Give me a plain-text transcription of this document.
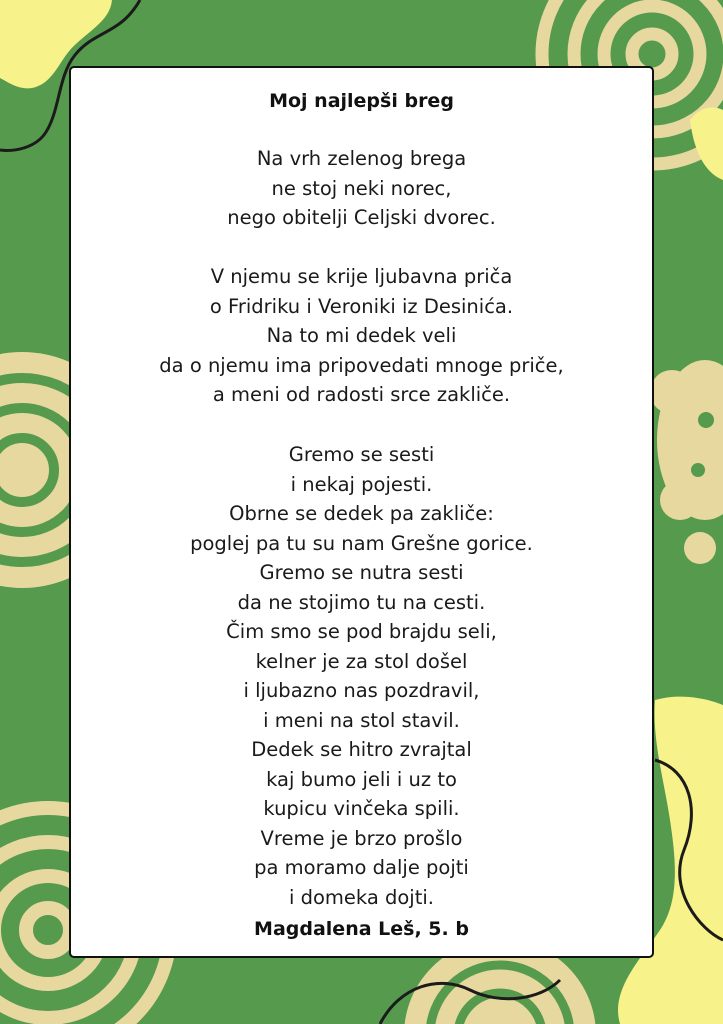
Moj najlepši breg
Na vrh zelenog brega
ne stoj neki norec,
nego obitelji Celjski dvorec.
V njemu se krije ljubavna priča
o Fridriku i Veroniki iz Desinića.
Na to mi dedek veli
da o njemu ima pripovedati mnoge priče,
a meni od radosti srce zakliče.
Gremo se sesti
i nekaj pojesti.
Obrne se dedek pa zakliče:
poglej pa tu su nam Grešne gorice.
Gremo se nutra sesti
da ne stojimo tu na cesti.
Čim smo se pod brajdu seli,
kelner je za stol došel
i ljubazno nas pozdravil,
i meni na stol stavil.
Dedek se hitro zvrajtal
kaj bumo jeli i uz to
kupicu vinčeka spili.
Vreme je brzo prošlo
pa moramo dalje pojti
i domeka dojti.
Magdalena Leš, 5. b
